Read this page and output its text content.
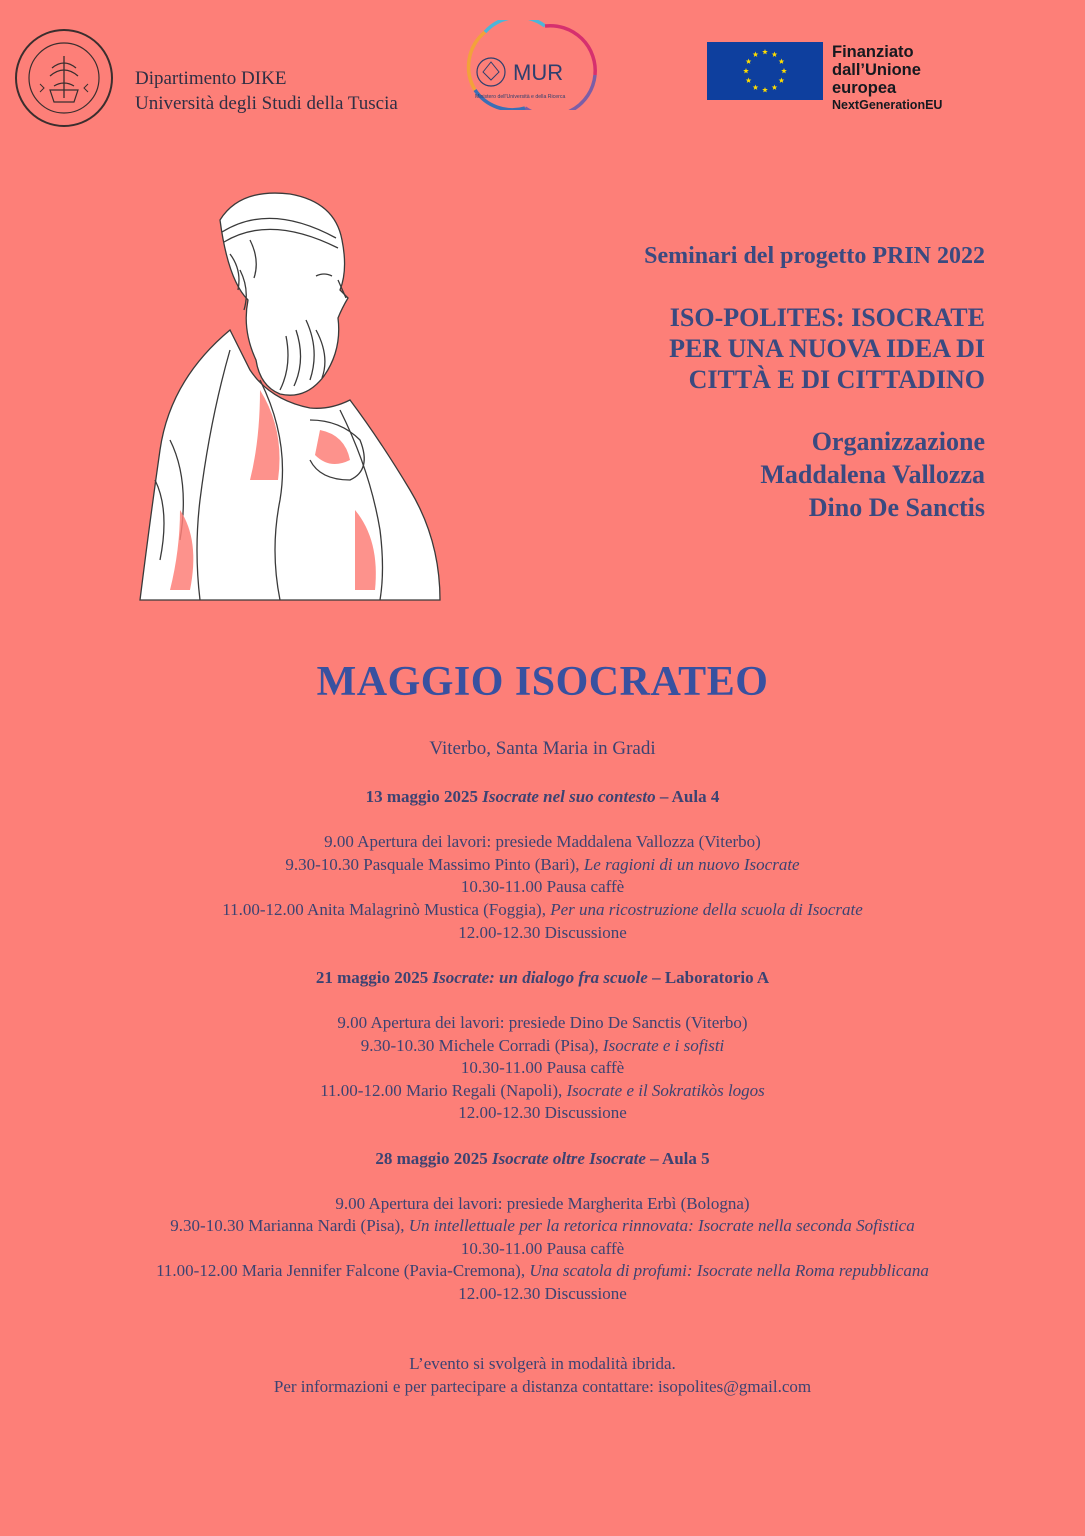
Dipartimento DIKE
Università degli Studi della Tuscia
MUR
Ministero dell'Università e della Ricerca
Finanziato
dall’Unione
europea
NextGenerationEU
Seminari del progetto PRIN 2022
ISO-POLITES: ISOCRATE
PER UNA NUOVA IDEA DI
CITTÀ E DI CITTADINO
Organizzazione
Maddalena Vallozza
Dino De Sanctis
MAGGIO ISOCRATEO
Viterbo, Santa Maria in Gradi
13 maggio 2025 Isocrate nel suo contesto – Aula 4
9.00 Apertura dei lavori: presiede Maddalena Vallozza (Viterbo)
9.30-10.30 Pasquale Massimo Pinto (Bari), Le ragioni di un nuovo Isocrate
10.30-11.00 Pausa caffè
11.00-12.00 Anita Malagrinò Mustica (Foggia), Per una ricostruzione della scuola di Isocrate
12.00-12.30 Discussione
21 maggio 2025 Isocrate: un dialogo fra scuole – Laboratorio A
9.00 Apertura dei lavori: presiede Dino De Sanctis (Viterbo)
9.30-10.30 Michele Corradi (Pisa), Isocrate e i sofisti
10.30-11.00 Pausa caffè
11.00-12.00 Mario Regali (Napoli), Isocrate e il Sokratikòs logos
12.00-12.30 Discussione
28 maggio 2025 Isocrate oltre Isocrate – Aula 5
9.00 Apertura dei lavori: presiede Margherita Erbì (Bologna)
9.30-10.30 Marianna Nardi (Pisa), Un intellettuale per la retorica rinnovata: Isocrate nella seconda Sofistica
10.30-11.00 Pausa caffè
11.00-12.00 Maria Jennifer Falcone (Pavia-Cremona), Una scatola di profumi: Isocrate nella Roma repubblicana
12.00-12.30 Discussione
L’evento si svolgerà in modalità ibrida.
Per informazioni e per partecipare a distanza contattare: isopolites@gmail.com
